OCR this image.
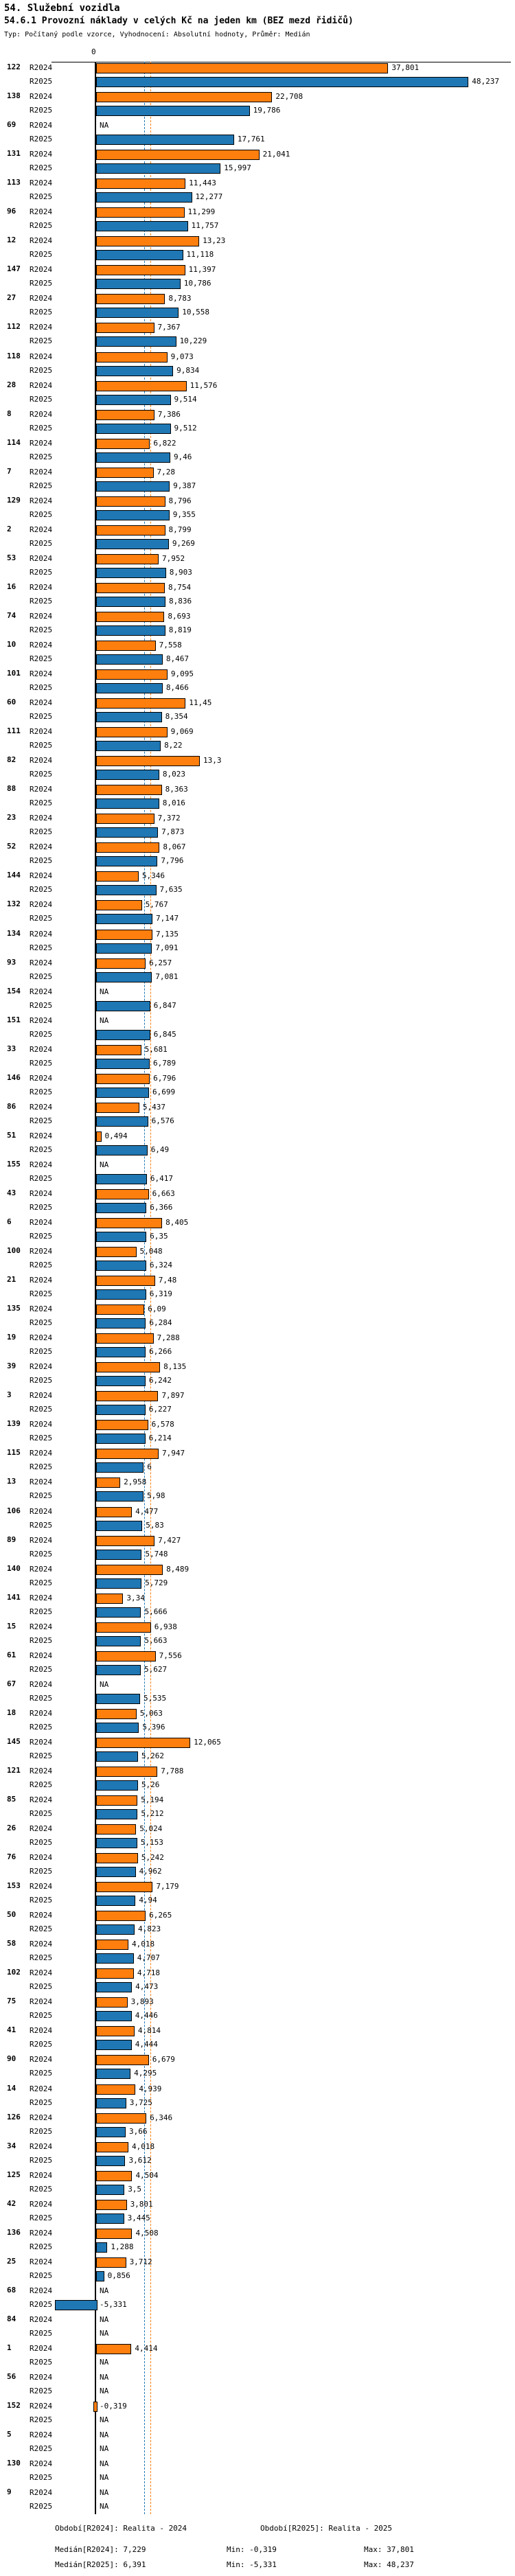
54. Služební vozidla
54.6.1 Provozní náklady v celých Kč na jeden km (BEZ mezd řidičů)
Typ: Počítaný podle vzorce, Vyhodnocení: Absolutní hodnoty, Průměr: Medián
0
122 R2024	37,801
R2025	48,237
138 R2024	22,708
R2025	19,786
69 R2024	NA
R2025	17,761
131 R2024	21,041
R2025	15,997
113 R2024	11,443
R2025	12,277
96 R2024	11,299
R2025	11,757
12 R2024	13,23
R2025	11,118
147 R2024	11,397
R2025	10,786
27 R2024	8,783
R2025	10,558
112 R2024	7,367
R2025	10,229
118 R2024	9,073
R2025	9,834
28 R2024	11,576
R2025	9,514
8 R2024	7,386
R2025	9,512
114 R2024	6,822
R2025	9,46
7 R2024	7,28
R2025	9,387
129 R2024	8,796
R2025	9,355
2 R2024	8,799
R2025	9,269
53 R2024	7,952
R2025	8,903
16 R2024	8,754
R2025	8,836
74 R2024	8,693
R2025	8,819
10 R2024	7,558
R2025	8,467
101 R2024	9,095
R2025	8,466
60 R2024	11,45
R2025	8,354
111 R2024	9,069
R2025	8,22
82 R2024	13,3
R2025	8,023
88 R2024	8,363
R2025	8,016
23 R2024	7,372
R2025	7,873
52 R2024	8,067
R2025	7,796
144 R2024	5,346
R2025	7,635
132 R2024	5,767
R2025	7,147
134 R2024	7,135
R2025	7,091
93 R2024	6,257
R2025	7,081
154 R2024	NA
R2025	6,847
151 R2024	NA
R2025	6,845
33 R2024	5,681
R2025	6,789
146 R2024	6,796
R2025	6,699
86 R2024	5,437
R2025	6,576
51 R2024	0,494
R2025	6,49
155 R2024	NA
R2025	6,417
43 R2024	6,663
R2025	6,366
6 R2024	8,405
R2025	6,35
100 R2024	5,048
R2025	6,324
21 R2024	7,48
R2025	6,319
135 R2024	6,09
R2025	6,284
19 R2024	7,288
R2025	6,266
39 R2024	8,135
R2025	6,242
3 R2024	7,897
R2025	6,227
139 R2024	6,578
R2025	6,214
115 R2024	7,947
R2025	6
13 R2024	2,958
R2025	5,98
106 R2024	4,477
R2025	5,83
89 R2024	7,427
R2025	5,748
140 R2024	8,489
R2025	5,729
141 R2024	3,34
R2025	5,666
15 R2024	6,938
R2025	5,663
61 R2024	7,556
R2025	5,627
67 R2024	NA
R2025	5,535
18 R2024	5,063
R2025	5,396
145 R2024	12,065
R2025	5,262
121 R2024	7,788
R2025	5,26
85 R2024	5,194
R2025	5,212
26 R2024	5,024
R2025	5,153
76 R2024	5,242
R2025	4,962
153 R2024	7,179
R2025	4,94
50 R2024	6,265
R2025	4,823
58 R2024	4,018
R2025	4,707
102 R2024	4,718
R2025	4,473
75 R2024	3,893
R2025	4,446
41 R2024	4,814
R2025	4,444
90 R2024	6,679
R2025	4,295
14 R2024	4,939
R2025	3,725
126 R2024	6,346
R2025	3,66
34 R2024	4,018
R2025	3,612
125 R2024	4,504
R2025	3,5
42 R2024	3,801
R2025	3,445
136 R2024	4,508
R2025	1,288
25 R2024	3,712
R2025	0,856
68 R2024	NA
R2025	-5,331
84 R2024	NA
R2025	NA
1 R2024	4,414
R2025	NA
56 R2024	NA
R2025	NA
152 R2024	-0,319
R2025	NA
5 R2024	NA
R2025	NA
130 R2024	NA
R2025	NA
9 R2024	NA
R2025	NA
Období[R2024]: Realita - 2024	Období[R2025]: Realita - 2025
Medián[R2024]: 7,229	Min: -0,319	Max: 37,801
Medián[R2025]: 6,391	Min: -5,331	Max: 48,237
